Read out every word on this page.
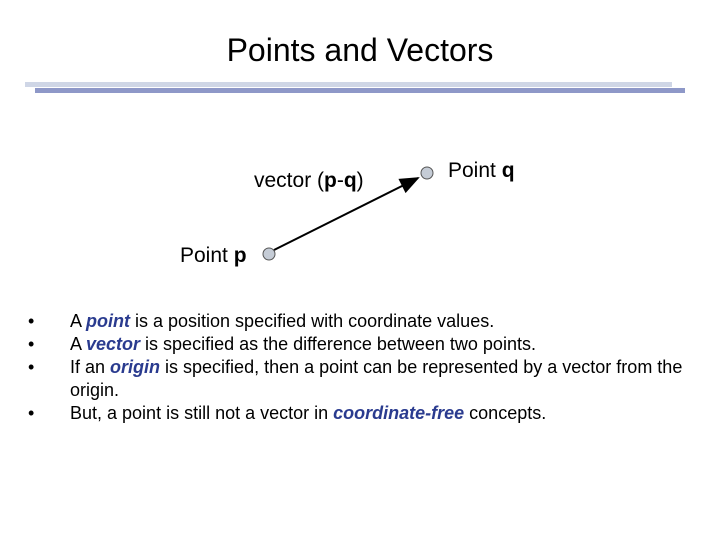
Points and Vectors
vector (p-q)	Point q
Point p
• A point is a position specified with coordinate values.
• A vector is specified as the difference between two points.
• If an origin is specified, then a point can be represented by a vector from the origin.
• But, a point is still not a vector in coordinate-free concepts.
